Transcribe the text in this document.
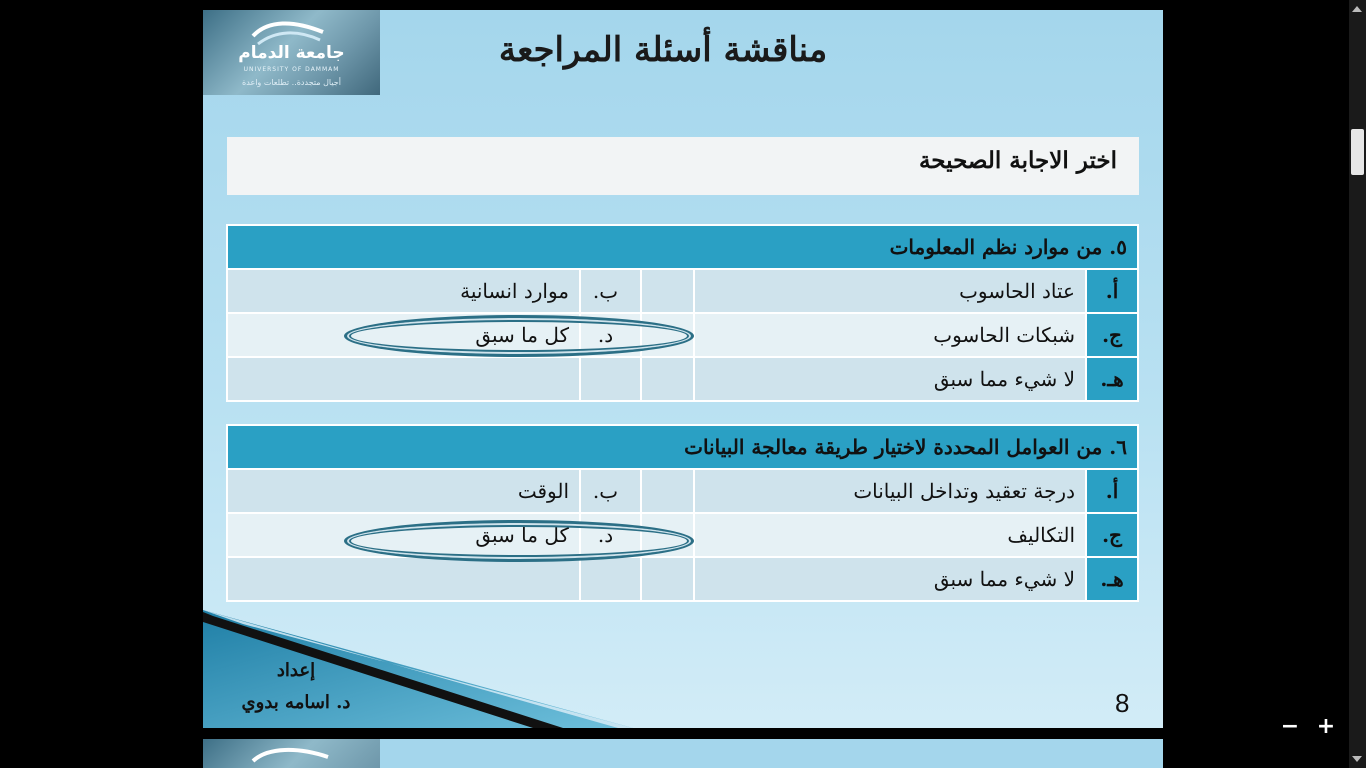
جامعة الدمام
UNIVERSITY OF DAMMAM
أجيال متجددة.. تطلعات واعدة
مناقشة أسئلة المراجعة
اختر الاجابة الصحيحة
٥. من موارد نظم المعلومات				
أ.	عتاد الحاسوب		ب.	موارد انسانية
ج.	شبكات الحاسوب		د.	كل ما سبق
هـ.	لا شيء مما سبق			
٦. من العوامل المحددة لاختيار طريقة معالجة البيانات				
أ.	درجة تعقيد وتداخل البيانات		ب.	الوقت
ج.	التكاليف		د.	كل ما سبق
هـ.	لا شيء مما سبق			
إعداد
د. اسامه بدوي	8
− +
